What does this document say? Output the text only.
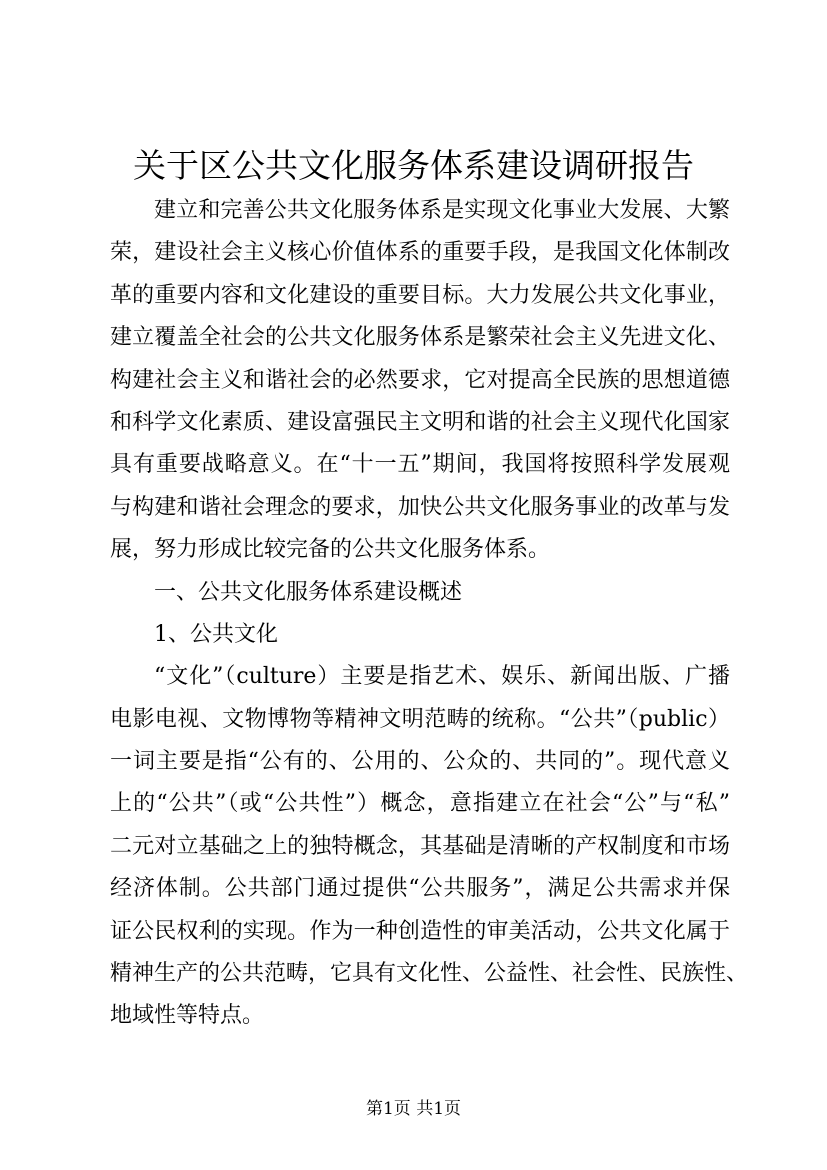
关于区公共文化服务体系建设调研报告
建立和完善公共文化服务体系是实现文化事业大发展、大繁
荣，建设社会主义核心价值体系的重要手段，是我国文化体制改
革的重要内容和文化建设的重要目标。大力发展公共文化事业，
建立覆盖全社会的公共文化服务体系是繁荣社会主义先进文化、
构建社会主义和谐社会的必然要求，它对提高全民族的思想道德
和科学文化素质、建设富强民主文明和谐的社会主义现代化国家
具有重要战略意义。在“十一五”期间，我国将按照科学发展观
与构建和谐社会理念的要求，加快公共文化服务事业的改革与发
展，努力形成比较完备的公共文化服务体系。
一、公共文化服务体系建设概述
1、公共文化
“文化”（culture）主要是指艺术、娱乐、新闻出版、广播
电影电视、文物博物等精神文明范畴的统称。“公共”（public）
一词主要是指“公有的、公用的、公众的、共同的”。现代意义
上的“公共”（或“公共性”）概念，意指建立在社会“公”与“私”
二元对立基础之上的独特概念，其基础是清晰的产权制度和市场
经济体制。公共部门通过提供“公共服务”，满足公共需求并保
证公民权利的实现。作为一种创造性的审美活动，公共文化属于
精神生产的公共范畴，它具有文化性、公益性、社会性、民族性、
地域性等特点。
第1页 共1页
